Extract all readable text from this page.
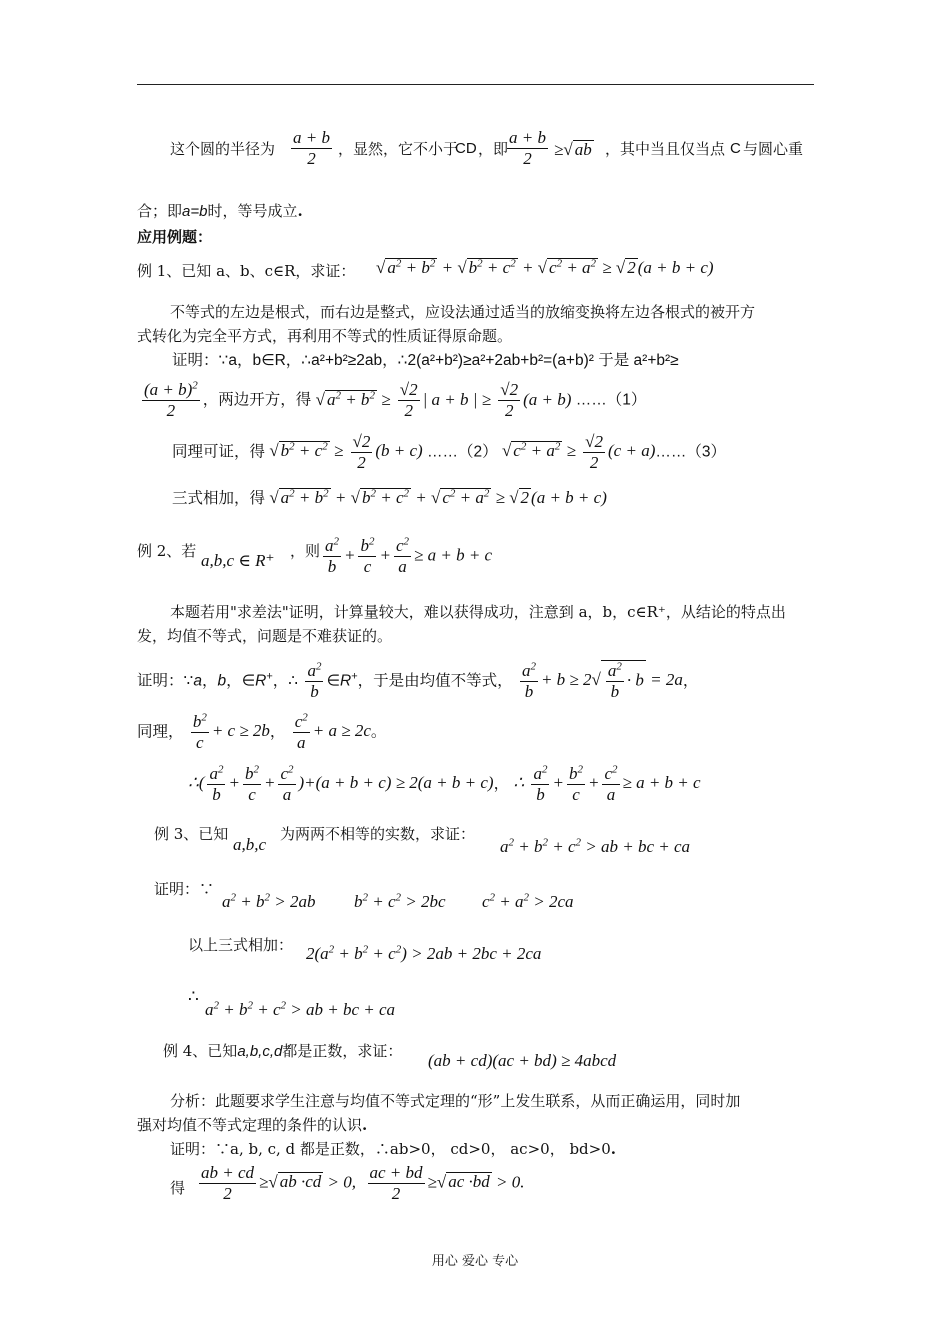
这个圆的半径为 $\frac{a + b}{2}$ ，显然，它不小于
CD ，即
$\frac{a + b}{2}$ ≥√ ab ，其中当且仅当点 C 与圆心重
合；即a=b时，等号成立.
应用例题：
例 1、已知 a、b、c∈R，求证： √ $a^2 + b^2$ + √ $b^2 + c^2$ + √ $c^2 + a^2$ ≥ √ 2 (a + b + c)
不等式的左边是根式，而右边是整式，应设法通过适当的放缩变换将左边各根式的被开方
式转化为完全平方式，再利用不等式的性质证得原命题。
证明：∵a，b∈R，∴a²+b²≥2ab，∴2(a²+b²)≥a²+2ab+b²=(a+b)² 于是 a²+b²≥
$\frac{(a + b)^2}{2}$ ，两边开方，得 √ $a^2 + b^2 \ge \frac{√2}{2}$ | a + b | ≥ $\frac{√2}{2} (a + b)$ ……（1）
同理可证，得 √ $b^2 + c^2 \ge \frac{√2}{2} (b + c)$ ……（2） √ $c^2 + a^2 \ge \frac{√2}{2} (c$ + a)……（3）
三式相加，得 √ $a^2 + b^2$ + √ $b^2 + c^2$ + √ $c^2 + a^2$ ≥ √ 2 (a + b + c)
例 2、若 a,b,c ∈ R⁺ ，则 $\frac{a^2}{b} + \frac{b^2}{c} + \frac{c^2}{a} \ge a + b + c$
本题若用"求差法"证明，计算量较大，难以获得成功，注意到 a，b，c∈R⁺，从结论的特点出
发，均值不等式，问题是不难获证的。
证明：∵a，b，∈R+，∴ $\frac{a^2}{b}$ ∈R+，于是由均值不等式， $\frac{a^2}{b} + b \ge 2√ \frac{a^2}{b} \cdot b = 2a$，
同理， $\frac{b^2}{c} + c \ge 2b$， $\frac{c^2}{a} + a \ge 2c$。
∴( $\frac{a^2}{b} + \frac{b^2}{c} + \frac{c^2}{a} )+(a + b + c) \ge 2(a + b + c)$， ∴ $\frac{a^2}{b} + \frac{b^2}{c} + \frac{c^2}{a} \ge a + b + c$
例 3、已知
a,b,c
为两两不相等的实数，求证：
$a^2 + b^2 + c^2$ > ab + bc + ca
证明：∵
$a^2 + b^2 > 2ab$ $b^2 + c^2 > 2bc$ $c^2 + a^2 > 2ca$
以上三式相加： $2(a^2 + b^2 + c^2) > 2ab + 2bc + 2ca$
∴
$a^2 + b^2 + c^2$ > ab + bc + ca
例 4、已知a,b,c,d都是正数，求证： (ab + cd)(ac + bd) ≥ 4abcd
分析：此题要求学生注意与均值不等式定理的“形”上发生联系，从而正确运用，同时加
强对均值不等式定理的条件的认识.
证明：∵a, b, c, d 都是正数，∴ab>0， cd>0， ac>0， bd>0.
得 $\frac{ab + cd}{2}$ ≥√ ab ·cd > 0, $\frac{ac + bd}{2}$ ≥√ ac ·bd > 0.
用心 爱心 专心
